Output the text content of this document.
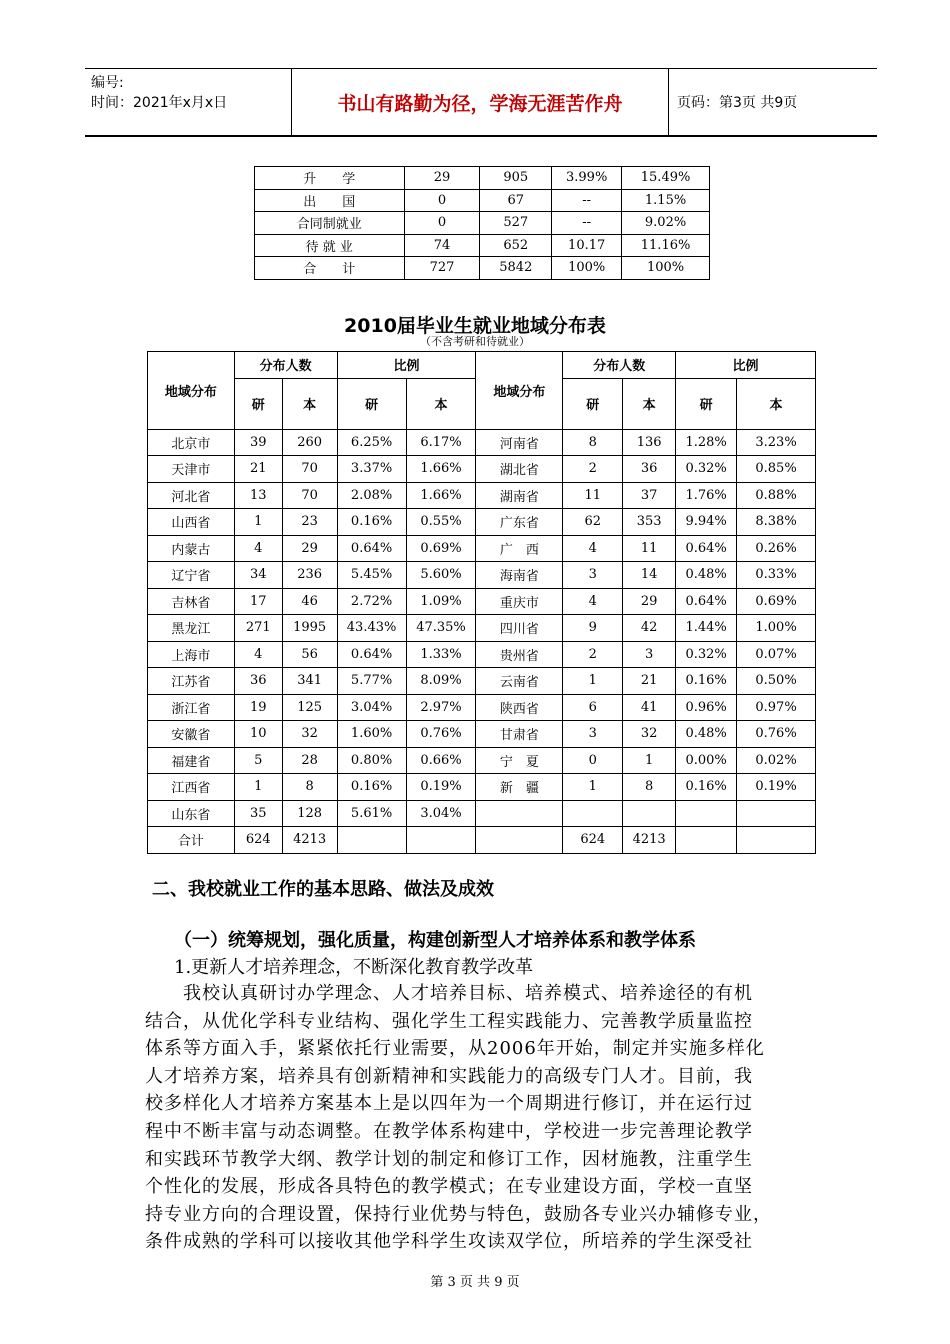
编号:
时间：2021年x月x日	书山有路勤为径，学海无涯苦作舟	页码：第3页 共9页
升　　学	29	905	3.99%	15.49%
出　　国	0	67	--	1.15%
合同制就业	0	527	--	9.02%
待 就 业	74	652	10.17	11.16%
合　　计	727	5842	100%	100%
2010届毕业生就业地域分布表
（不含考研和待就业）
地域分布	分布人数		比例		地域分布	分布人数		比例	
	研	本	研	本		研	本	研	本
北京市	39	260	6.25%	6.17%	河南省	8	136	1.28%	3.23%
天津市	21	70	3.37%	1.66%	湖北省	2	36	0.32%	0.85%
河北省	13	70	2.08%	1.66%	湖南省	11	37	1.76%	0.88%
山西省	1	23	0.16%	0.55%	广东省	62	353	9.94%	8.38%
内蒙古	4	29	0.64%	0.69%	广　西	4	11	0.64%	0.26%
辽宁省	34	236	5.45%	5.60%	海南省	3	14	0.48%	0.33%
吉林省	17	46	2.72%	1.09%	重庆市	4	29	0.64%	0.69%
黑龙江	271	1995	43.43%	47.35%	四川省	9	42	1.44%	1.00%
上海市	4	56	0.64%	1.33%	贵州省	2	3	0.32%	0.07%
江苏省	36	341	5.77%	8.09%	云南省	1	21	0.16%	0.50%
浙江省	19	125	3.04%	2.97%	陕西省	6	41	0.96%	0.97%
安徽省	10	32	1.60%	0.76%	甘肃省	3	32	0.48%	0.76%
福建省	5	28	0.80%	0.66%	宁　夏	0	1	0.00%	0.02%
江西省	1	8	0.16%	0.19%	新　疆	1	8	0.16%	0.19%
山东省	35	128	5.61%	3.04%					
合计	624	4213				624	4213		
二、我校就业工作的基本思路、做法及成效
（一）统筹规划，强化质量，构建创新型人才培养体系和教学体系
1.更新人才培养理念，不断深化教育教学改革
　　我校认真研讨办学理念、人才培养目标、培养模式、培养途径的有机
结合，从优化学科专业结构、强化学生工程实践能力、完善教学质量监控
体系等方面入手，紧紧依托行业需要，从2006年开始，制定并实施多样化
人才培养方案，培养具有创新精神和实践能力的高级专门人才。目前，我
校多样化人才培养方案基本上是以四年为一个周期进行修订，并在运行过
程中不断丰富与动态调整。在教学体系构建中，学校进一步完善理论教学
和实践环节教学大纲、教学计划的制定和修订工作，因材施教，注重学生
个性化的发展，形成各具特色的教学模式；在专业建设方面，学校一直坚
持专业方向的合理设置，保持行业优势与特色，鼓励各专业兴办辅修专业，
条件成熟的学科可以接收其他学科学生攻读双学位，所培养的学生深受社
第 3 页 共 9 页
